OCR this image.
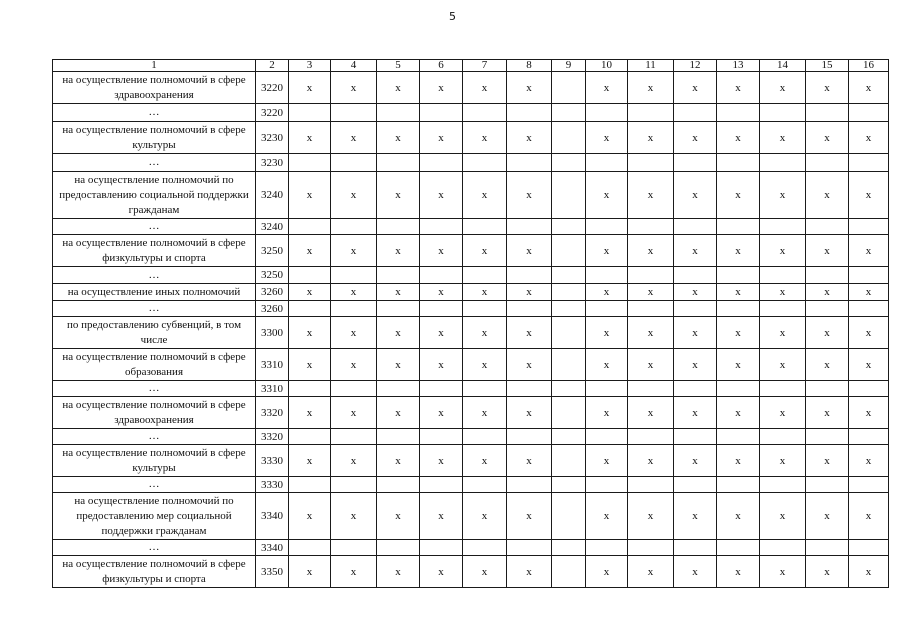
5
1	2	3	4	5	6	7	8	9	10	11	12	13	14	15	16
на осуществление полномочий в сфере здравоохранения	3220	x	x	x	x	x	x		x	x	x	x	x	x	x
…	3220														
на осуществление полномочий в сфере культуры	3230	x	x	x	x	x	x		x	x	x	x	x	x	x
…	3230														
на осуществление полномочий по предоставлению социальной поддержки гражданам	3240	x	x	x	x	x	x		x	x	x	x	x	x	x
…	3240														
на осуществление полномочий в сфере физкультуры и спорта	3250	x	x	x	x	x	x		x	x	x	x	x	x	x
…	3250														
на осуществление иных полномочий	3260	x	x	x	x	x	x		x	x	x	x	x	x	x
…	3260														
по предоставлению субвенций, в том числе	3300	x	x	x	x	x	x		x	x	x	x	x	x	x
на осуществление полномочий в сфере образования	3310	x	x	x	x	x	x		x	x	x	x	x	x	x
…	3310														
на осуществление полномочий в сфере здравоохранения	3320	x	x	x	x	x	x		x	x	x	x	x	x	x
…	3320														
на осуществление полномочий в сфере культуры	3330	x	x	x	x	x	x		x	x	x	x	x	x	x
…	3330														
на осуществление полномочий по предоставлению мер социальной поддержки гражданам	3340	x	x	x	x	x	x		x	x	x	x	x	x	x
…	3340														
на осуществление полномочий в сфере физкультуры и спорта	3350	x	x	x	x	x	x		x	x	x	x	x	x	x
